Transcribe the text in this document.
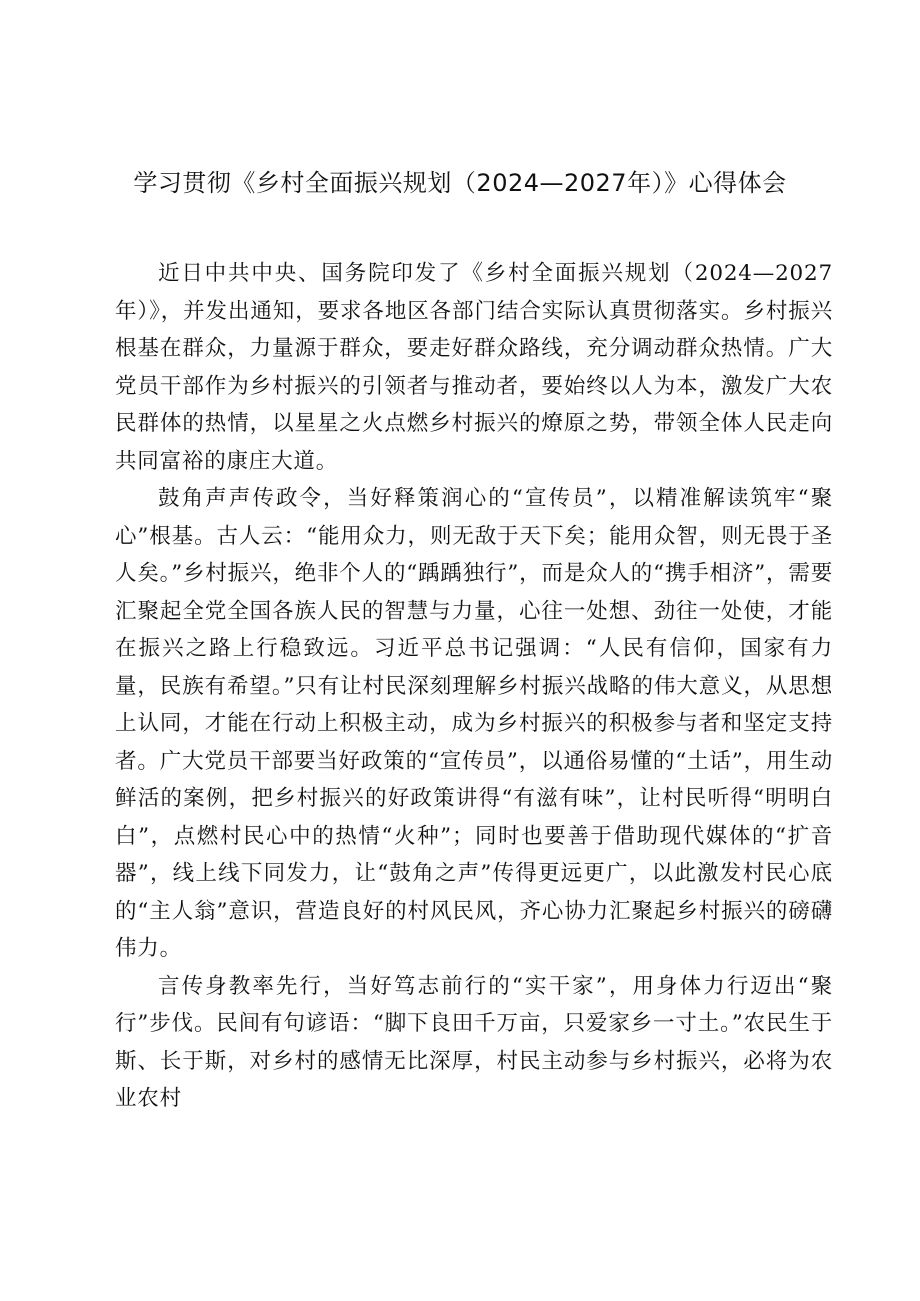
学习贯彻《乡村全面振兴规划（2024—2027年）》心得体会

近日中共中央、国务院印发了《乡村全面振兴规划（2024—2027年）》，并发出通知，要求各地区各部门结合实际认真贯彻落实。乡村振兴根基在群众，力量源于群众，要走好群众路线，充分调动群众热情。广大党员干部作为乡村振兴的引领者与推动者，要始终以人为本，激发广大农民群体的热情，以星星之火点燃乡村振兴的燎原之势，带领全体人民走向共同富裕的康庄大道。

鼓角声声传政令，当好释策润心的“宣传员”，以精准解读筑牢“聚心”根基。古人云：“能用众力，则无敌于天下矣；能用众智，则无畏于圣人矣。”乡村振兴，绝非个人的“踽踽独行”，而是众人的“携手相济”，需要汇聚起全党全国各族人民的智慧与力量，心往一处想、劲往一处使，才能在振兴之路上行稳致远。习近平总书记强调：“人民有信仰，国家有力量，民族有希望。”只有让村民深刻理解乡村振兴战略的伟大意义，从思想上认同，才能在行动上积极主动，成为乡村振兴的积极参与者和坚定支持者。广大党员干部要当好政策的“宣传员”，以通俗易懂的“土话”，用生动鲜活的案例，把乡村振兴的好政策讲得“有滋有味”，让村民听得“明明白白”，点燃村民心中的热情“火种”；同时也要善于借助现代媒体的“扩音器”，线上线下同发力，让“鼓角之声”传得更远更广，以此激发村民心底的“主人翁”意识，营造良好的村风民风，齐心协力汇聚起乡村振兴的磅礴伟力。

言传身教率先行，当好笃志前行的“实干家”，用身体力行迈出“聚行”步伐。民间有句谚语：“脚下良田千万亩，只爱家乡一寸土。”农民生于斯、长于斯，对乡村的感情无比深厚，村民主动参与乡村振兴，必将为农业农村
